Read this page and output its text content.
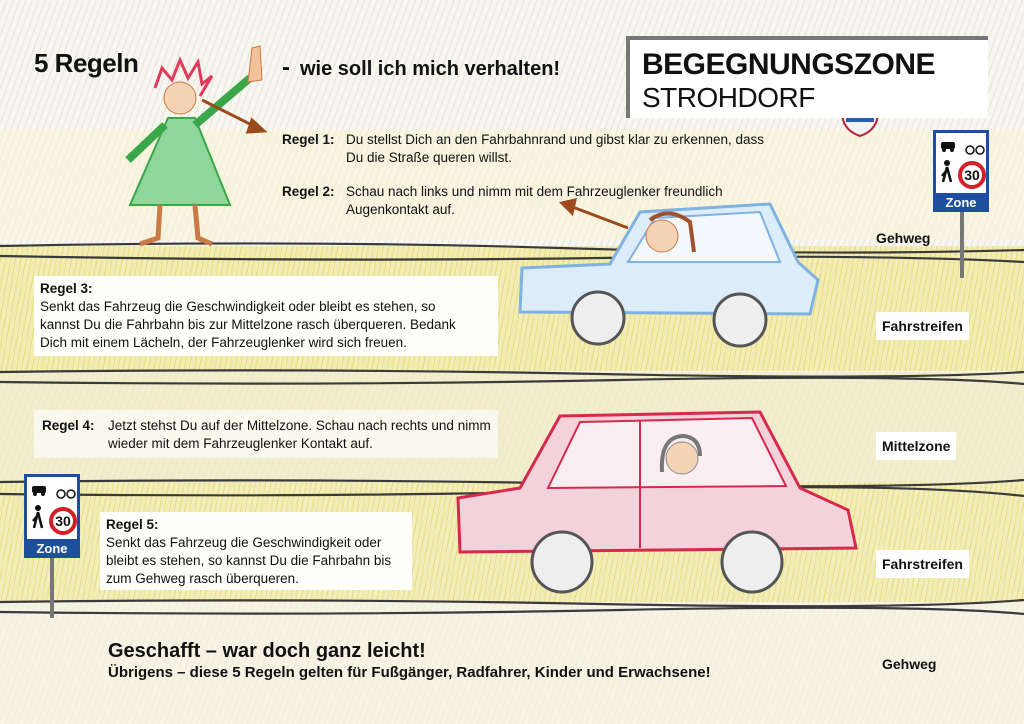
5 Regeln	- wie soll ich mich verhalten!	BEGEGNUNGSZONE
STROHDORF
Regel 1: Du stellst Dich an den Fahrbahnrand und gibst klar zu erkennen, dass Du die Straße queren willst.
Regel 2: Schau nach links und nimm mit dem Fahrzeuglenker freundlich Augenkontakt auf.
Regel 3:
Senkt das Fahrzeug die Geschwindigkeit oder bleibt es stehen, so kannst Du die Fahrbahn bis zur Mittelzone rasch überqueren. Bedank Dich mit einem Lächeln, der Fahrzeuglenker wird sich freuen.
Regel 4: Jetzt stehst Du auf der Mittelzone. Schau nach rechts und nimm wieder mit dem Fahrzeuglenker Kontakt auf.
Regel 5:
Senkt das Fahrzeug die Geschwindigkeit oder bleibt es stehen, so kannst Du die Fahrbahn bis zum Gehweg rasch überqueren.
Gehweg
Fahrstreifen
Mittelzone
Fahrstreifen
Gehweg
30
Zone
30
Zone
Geschafft – war doch ganz leicht!
Übrigens – diese 5 Regeln gelten für Fußgänger, Radfahrer, Kinder und Erwachsene!
